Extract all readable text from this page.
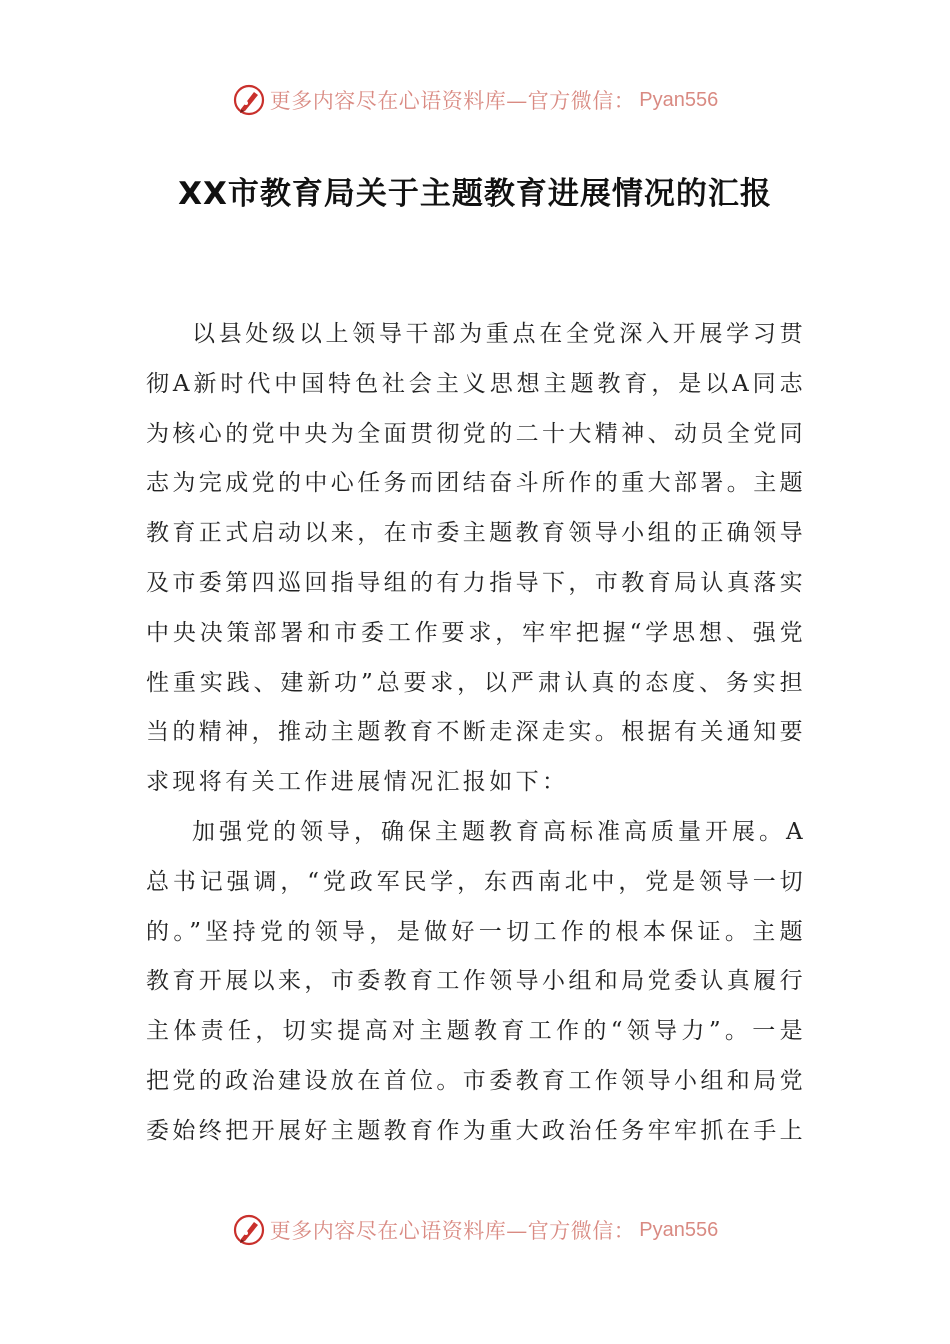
更多内容尽在心语资料库—官方微信： Pyan556
XX市教育局关于主题教育进展情况的汇报

以县处级以上领导干部为重点在全党深入开展学习贯彻A新时代中国特色社会主义思想主题教育，是以A同志为核心的党中央为全面贯彻党的二十大精神、动员全党同志为完成党的中心任务而团结奋斗所作的重大部署。主题教育正式启动以来，在市委主题教育领导小组的正确领导及市委第四巡回指导组的有力指导下，市教育局认真落实中央决策部署和市委工作要求，牢牢把握“学思想、强党性重实践、建新功”总要求，以严肃认真的态度、务实担当的精神，推动主题教育不断走深走实。根据有关通知要求现将有关工作进展情况汇报如下：

加强党的领导，确保主题教育高标准高质量开展。A总书记强调，“党政军民学，东西南北中，党是领导一切的。”坚持党的领导，是做好一切工作的根本保证。主题教育开展以来，市委教育工作领导小组和局党委认真履行主体责任，切实提高对主题教育工作的“领导力”。一是把党的政治建设放在首位。市委教育工作领导小组和局党委始终把开展好主题教育作为重大政治任务牢牢抓在手上

更多内容尽在心语资料库—官方微信： Pyan556
